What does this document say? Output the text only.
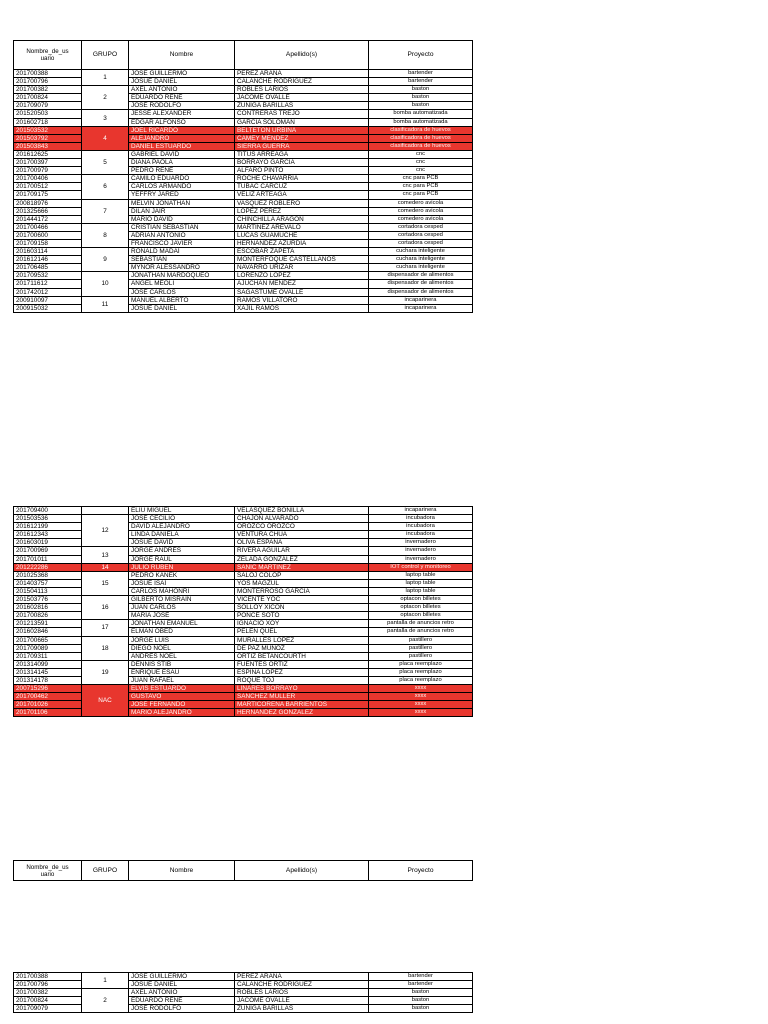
Nombre_de_us
uario	GRUPO	Nombre	Apellido(s)	Proyecto
201700388	1	JOSE GUILLERMO	PEREZ ARANA	bartender
201700796		JOSUÉ DANIEL	CALANCHE RODRÍGUEZ	bartender
201700382	2	AXEL ANTONIO	ROBLES LARIOS	baston
201700824		EDUARDO RENÉ	JACOME OVALLE	baston
201709079		JOSÉ RODOLFO	ZÚÑIGA BARILLAS	baston
201520503	3	JESSÉ ALEXANDER	CONTRERAS TREJO	bomba automatizada
201602718		EDGAR ALFONSO	GARCIA SOLOMÁN	bomba automatizada
201503532	4	JOEL RICARDO	BELTETÓN URBINA	clasificadora de huevos
201503792		ALEJANDRO	CAMEY MÉNDEZ	clasificadora de huevos
201503843		DANIEL ESTUARDO	SIERRA GUERRA	clasificadora de huevos
201612625	5	GABRIEL DAVID	TITUS ARREAGA	cnc
201700397		DIANA PAOLA	BORRAYO GARCIA	cnc
201700979		PEDRO RENÉ	ALFARO PINTO	cnc
201700406	6	CAMILO EDUARDO	ROCHE CHAVARRIA	cnc para PCB
201700512		CARLOS ARMANDO	TUBAC CARCUZ	cnc para PCB
201709175		YEFFRY JARED	VELIZ ARTEAGA	cnc para PCB
200818976	7	MELVIN JONATHAN	VASQUEZ ROBLERO	comedero avicola
201325666		DILAN JAIR	LOPEZ PEREZ	comedero avicola
201444172		MARIO DAVID	CHINCHILLA ARAGÓN	comedero avicola
201700466	8	CRISTIAN SEBASTIAN	MARTINEZ AREVALO	cortadora cesped
201700600		ADRIAN ANTONIO	LUCAS GUAMUCHE	cortadora cesped
201709158		FRANCISCO JAVIER	HERNÁNDEZ AZURDIA	cortadora cesped
201603114	9	RONALD MADAÍ	ESCOBAR ZAPETA	cuchara inteligente
201612146		SEBASTIÁN	MONTERFOQUE CASTELLANOS	cuchara inteligente
201706485		MYNOR ALESSANDRO	NAVARRO URIZAR	cuchara inteligente
201709532	10	JONATHAN MARDOQUEO	LORENZO LOPEZ	dispensador de alimentos
201711612		ANGEL MEOLI	AJUCHAN MENDEZ	dispensador de alimentos
201742012		JOSÉ CARLOS	SAGASTUME OVALLE	dispensador de alimentos
200910097	11	MANUEL ALBERTO	RAMOS VILLATORO	incaparinera
200915032		JOSUÉ DANIEL	XAJIL RAMOS	incaparinera
201709400		ELIÚ MIGUEL	VELÁSQUEZ BONILLA	incaparinera
201503536	12	JOSÉ CECILIO	CHAJON ALVARADO	incubadora
201612199		DAVID ALEJANDRO	OROZCO OROZCO	incubadora
201612343		LINDA DANIELA	VENTURA CHÚA	incubadora
201603019		JOSUÉ DAVID	OLIVA ESPAÑA	invernadero
201700969	13	JORGE ANDRÉS	RIVERA AGUILAR	invernadero
201701011		JORGE RAUL	ZELADA GONZÁLEZ	invernadero
201222286	14	JULIO RUBEN	SANIC MARTINEZ	IOT control y monitoreo
201025368	15	PEDRO KANEK	SALOJ COLOP	laptop table
201403757		JOSUÉ ISAÍ	YOS MAGZUL	laptop table
201504113		CARLOS MAHONRI	MONTERROSO GARCIA	laptop table
201503776	16	GILBERTO MISRAIN	VICENTE YOC	optacon billetes
201602816		JUAN CARLOS	SOLLOY XICÓN	optacon billetes
201700826		MARÍA JOSÉ	PONCE SOTO	optacon billetes
201213591	17	JONATHAN EMANUEL	IGNACIO XOY	pantalla de anuncios retro
201602846		ELMAN OBED	PELEN QUEL	pantalla de anuncios retro
201700665	18	JORGE LUIS	MURALLES LÓPEZ	pastillero
201709089		DIEGO NOEL	DE PAZ MUÑOZ	pastillero
201709311		ANDRÉS NOEL	ORTIZ BETANCOURTH	pastillero
201314099	19	DENNIS STIB	FUENTES ORTIZ	placa reemplazo
201314145		ENRIQUE ESAU	ESPINA LOPEZ	placa reemplazo
201314178		JUAN RAFAEL	ROQUE TOJ	placa reemplazo
200715296	NAC	ELVIS ESTUARDO	LINARES BORRAYO	xxxx
201700462		GUSTAVO	SANCHEZ MULLER	xxxx
201701026		JOSÉ FERNANDO	MARTICORENA BARRIENTOS	xxxx
201701106		MARIO ALEJANDRO	HERNÁNDEZ GONZALEZ	xxxx
Nombre_de_us
uario	GRUPO	Nombre	Apellido(s)	Proyecto
201700388	1	JOSE GUILLERMO	PEREZ ARANA	bartender
201700796		JOSUÉ DANIEL	CALANCHE RODRÍGUEZ	bartender
201700382	2	AXEL ANTONIO	ROBLES LARIOS	baston
201700824		EDUARDO RENÉ	JACOME OVALLE	baston
201709079		JOSÉ RODOLFO	ZÚÑIGA BARILLAS	baston
